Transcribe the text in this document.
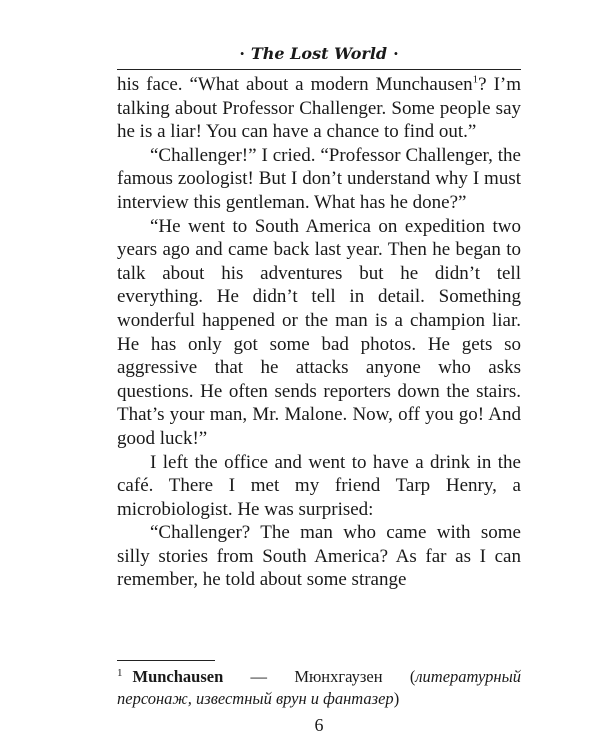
· The Lost World ·

his face. “What about a modern Munchausen$^1$? I’m talking about Professor Challenger. Some people say he is a liar! You can have a chance to find out.”

“Challenger!” I cried. “Professor Challenger, the famous zoologist! But I don’t understand why I must interview this gentleman. What has he done?”

“He went to South America on expedition two years ago and came back last year. Then he began to talk about his adventures but he didn’t tell everything. He didn’t tell in detail. Something wonderful happened or the man is a champion liar. He has only got some bad photos. He gets so aggressive that he attacks anyone who asks questions. He often sends reporters down the stairs. That’s your man, Mr. Malone. Now, off you go! And good luck!”

I left the office and went to have a drink in the café. There I met my friend Tarp Henry, a microbiologist. He was surprised:

“Challenger? The man who came with some silly stories from South America? As far as I can remember, he told about some strange

$^1$ Munchausen — Мюнхгаузен (литературный персонаж, известный врун и фантазер)
6
